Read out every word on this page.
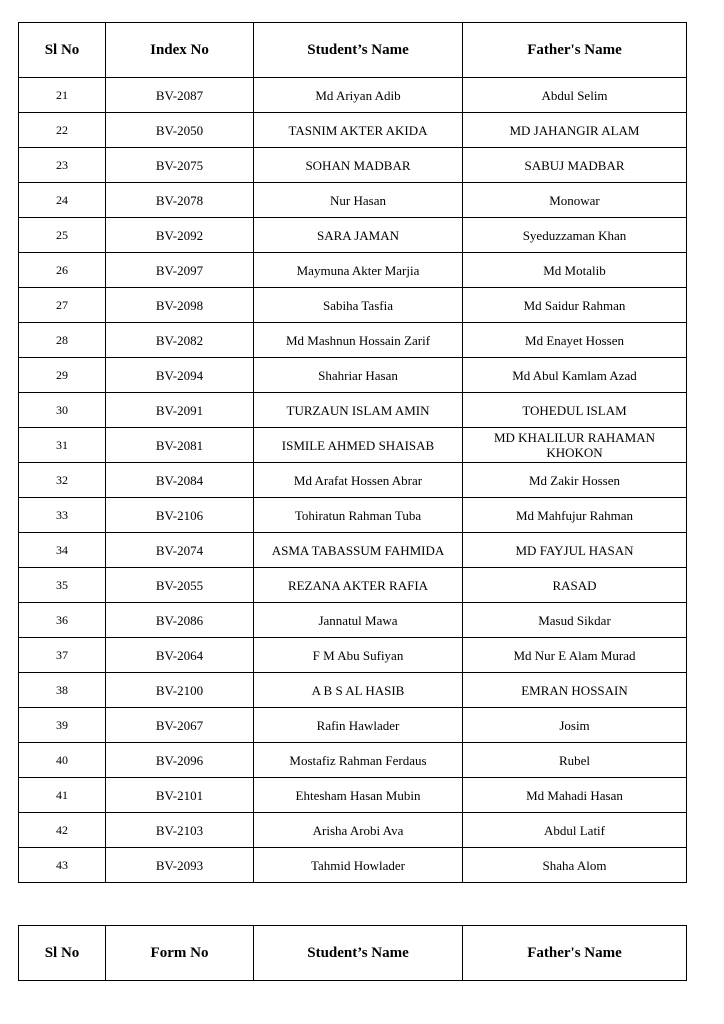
Sl No	Index No	Student’s Name	Father's Name
21	BV-2087	Md Ariyan Adib	Abdul Selim
22	BV-2050	TASNIM AKTER AKIDA	MD JAHANGIR ALAM
23	BV-2075	SOHAN MADBAR	SABUJ MADBAR
24	BV-2078	Nur Hasan	Monowar
25	BV-2092	SARA JAMAN	Syeduzzaman Khan
26	BV-2097	Maymuna Akter Marjia	Md Motalib
27	BV-2098	Sabiha Tasfia	Md Saidur Rahman
28	BV-2082	Md Mashnun Hossain Zarif	Md Enayet Hossen
29	BV-2094	Shahriar Hasan	Md Abul Kamlam Azad
30	BV-2091	TURZAUN ISLAM AMIN	TOHEDUL ISLAM
31	BV-2081	ISMILE AHMED SHAISAB	MD KHALILUR RAHAMAN KHOKON
32	BV-2084	Md Arafat Hossen Abrar	Md Zakir Hossen
33	BV-2106	Tohiratun Rahman Tuba	Md Mahfujur Rahman
34	BV-2074	ASMA TABASSUM FAHMIDA	MD FAYJUL HASAN
35	BV-2055	REZANA AKTER RAFIA	RASAD
36	BV-2086	Jannatul Mawa	Masud Sikdar
37	BV-2064	F M Abu Sufiyan	Md Nur E Alam Murad
38	BV-2100	A B S AL HASIB	EMRAN HOSSAIN
39	BV-2067	Rafin Hawlader	Josim
40	BV-2096	Mostafiz Rahman Ferdaus	Rubel
41	BV-2101	Ehtesham Hasan Mubin	Md Mahadi Hasan
42	BV-2103	Arisha Arobi Ava	Abdul Latif
43	BV-2093	Tahmid Howlader	Shaha Alom
Sl No	Form No	Student’s Name	Father's Name
